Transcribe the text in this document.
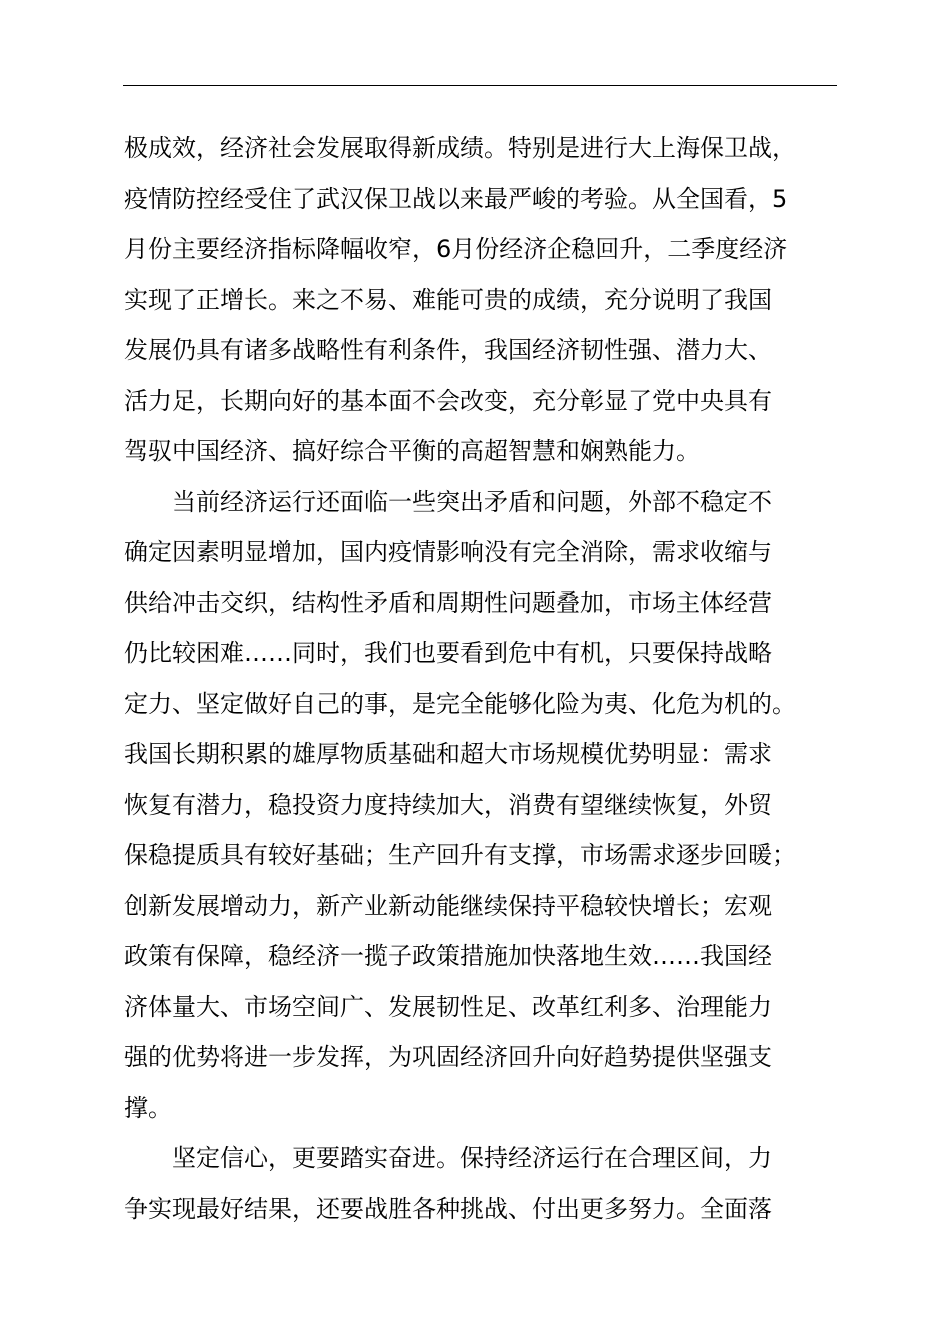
极成效，经济社会发展取得新成绩。特别是进行大上海保卫战，
疫情防控经受住了武汉保卫战以来最严峻的考验。从全国看，5
月份主要经济指标降幅收窄，6月份经济企稳回升，二季度经济
实现了正增长。来之不易、难能可贵的成绩，充分说明了我国
发展仍具有诸多战略性有利条件，我国经济韧性强、潜力大、
活力足，长期向好的基本面不会改变，充分彰显了党中央具有
驾驭中国经济、搞好综合平衡的高超智慧和娴熟能力。
当前经济运行还面临一些突出矛盾和问题，外部不稳定不
确定因素明显增加，国内疫情影响没有完全消除，需求收缩与
供给冲击交织，结构性矛盾和周期性问题叠加，市场主体经营
仍比较困难……同时，我们也要看到危中有机，只要保持战略
定力、坚定做好自己的事，是完全能够化险为夷、化危为机的。
我国长期积累的雄厚物质基础和超大市场规模优势明显：需求
恢复有潜力，稳投资力度持续加大，消费有望继续恢复，外贸
保稳提质具有较好基础；生产回升有支撑，市场需求逐步回暖；
创新发展增动力，新产业新动能继续保持平稳较快增长；宏观
政策有保障，稳经济一揽子政策措施加快落地生效……我国经
济体量大、市场空间广、发展韧性足、改革红利多、治理能力
强的优势将进一步发挥，为巩固经济回升向好趋势提供坚强支
撑。
坚定信心，更要踏实奋进。保持经济运行在合理区间，力
争实现最好结果，还要战胜各种挑战、付出更多努力。全面落
